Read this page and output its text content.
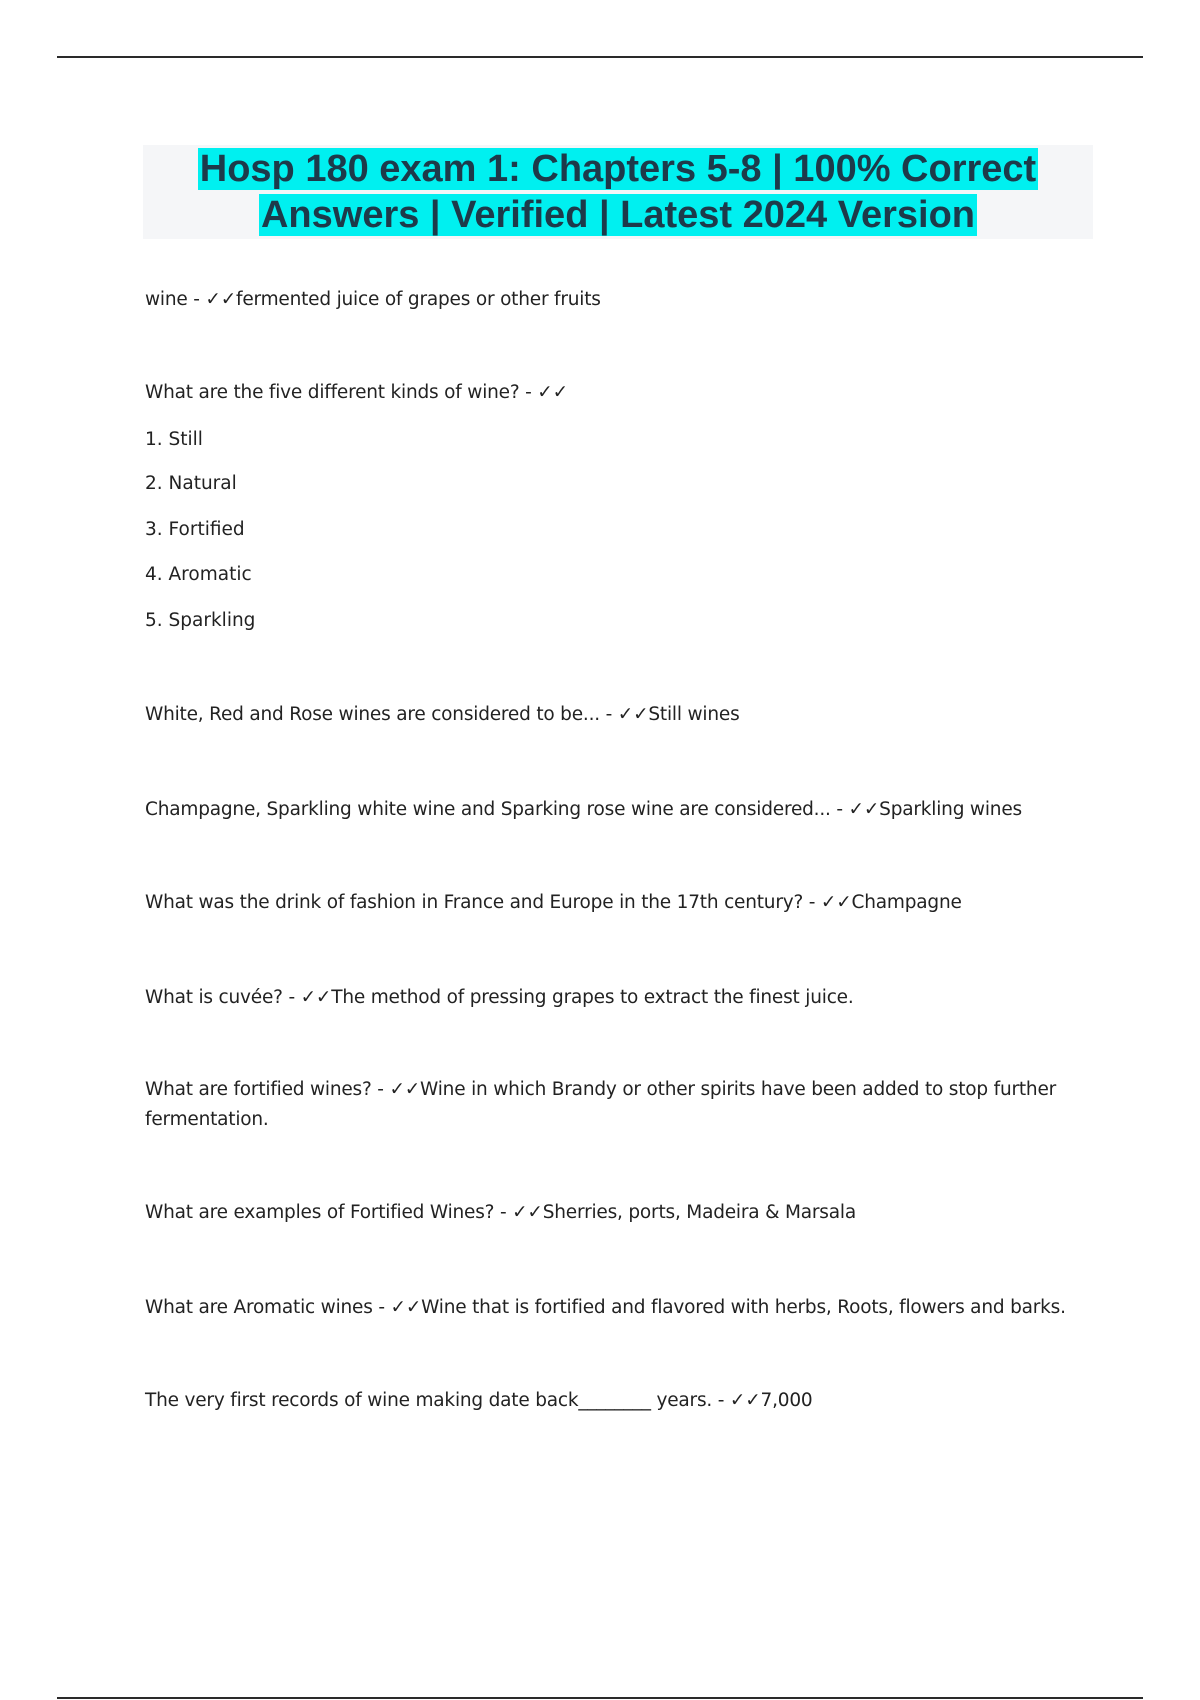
Hosp 180 exam 1: Chapters 5-8 | 100% Correct
Answers | Verified | Latest 2024 Version

wine - ✓✓fermented juice of grapes or other fruits

What are the five different kinds of wine? - ✓✓

1. Still

2. Natural

3. Fortified

4. Aromatic

5. Sparkling

White, Red and Rose wines are considered to be... - ✓✓Still wines

Champagne, Sparkling white wine and Sparking rose wine are considered... - ✓✓Sparkling wines

What was the drink of fashion in France and Europe in the 17th century? - ✓✓Champagne

What is cuvée? - ✓✓The method of pressing grapes to extract the finest juice.

What are fortified wines? - ✓✓Wine in which Brandy or other spirits have been added to stop further fermentation.

What are examples of Fortified Wines? - ✓✓Sherries, ports, Madeira & Marsala

What are Aromatic wines - ✓✓Wine that is fortified and flavored with herbs, Roots, flowers and barks.

The very first records of wine making date back________ years. - ✓✓7,000
